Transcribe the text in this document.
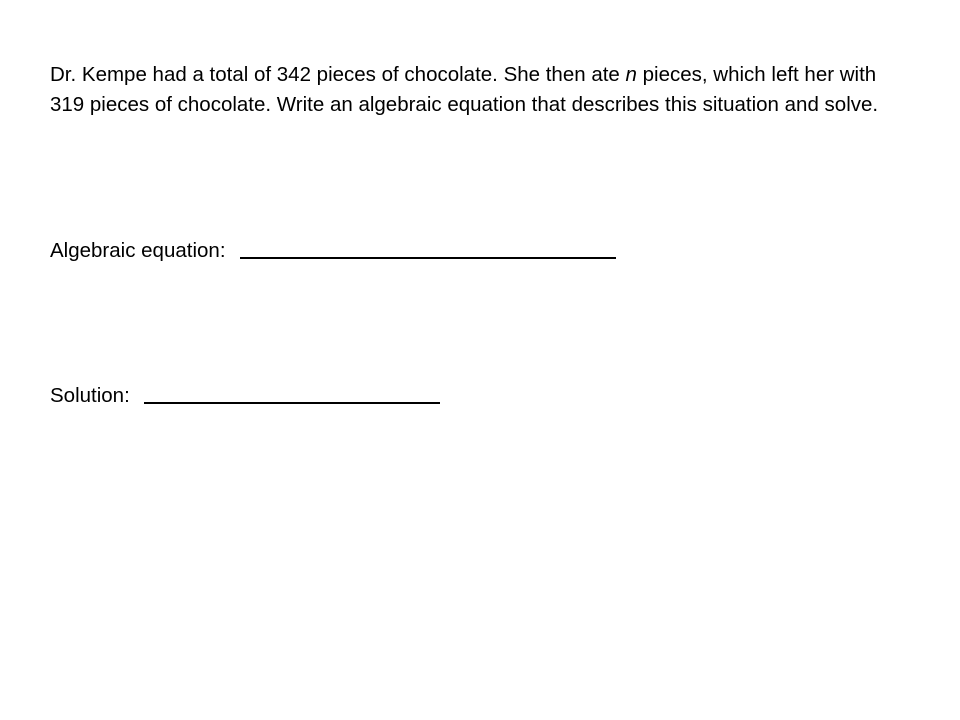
Dr. Kempe had a total of 342 pieces of chocolate. She then ate n pieces, which left her with 319 pieces of chocolate. Write an algebraic equation that describes this situation and solve.

Algebraic equation:
Solution:
